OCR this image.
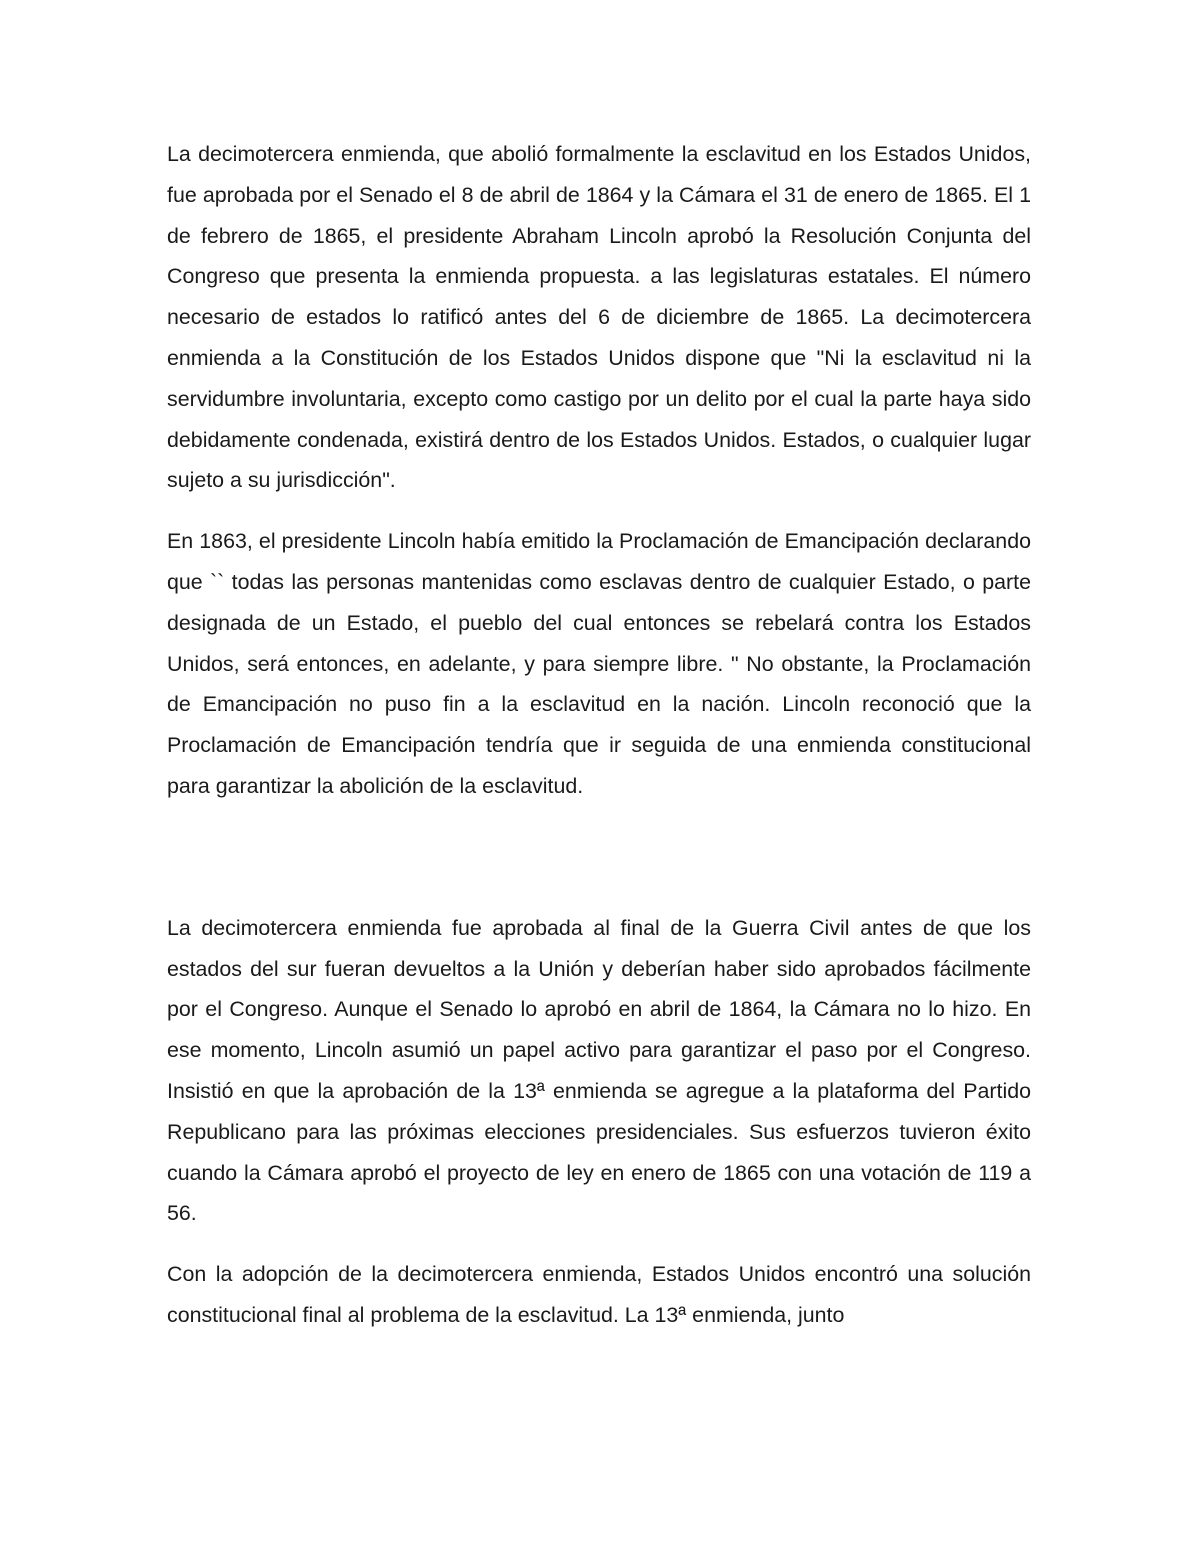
La decimotercera enmienda, que abolió formalmente la esclavitud en los Estados Unidos, fue aprobada por el Senado el 8 de abril de 1864 y la Cámara el 31 de enero de 1865. El 1 de febrero de 1865, el presidente Abraham Lincoln aprobó la Resolución Conjunta del Congreso que presenta la enmienda propuesta. a las legislaturas estatales. El número necesario de estados lo ratificó antes del 6 de diciembre de 1865. La decimotercera enmienda a la Constitución de los Estados Unidos dispone que "Ni la esclavitud ni la servidumbre involuntaria, excepto como castigo por un delito por el cual la parte haya sido debidamente condenada, existirá dentro de los Estados Unidos. Estados, o cualquier lugar sujeto a su jurisdicción".

En 1863, el presidente Lincoln había emitido la Proclamación de Emancipación declarando que `` todas las personas mantenidas como esclavas dentro de cualquier Estado, o parte designada de un Estado, el pueblo del cual entonces se rebelará contra los Estados Unidos, será entonces, en adelante, y para siempre libre. " No obstante, la Proclamación de Emancipación no puso fin a la esclavitud en la nación. Lincoln reconoció que la Proclamación de Emancipación tendría que ir seguida de una enmienda constitucional para garantizar la abolición de la esclavitud.

La decimotercera enmienda fue aprobada al final de la Guerra Civil antes de que los estados del sur fueran devueltos a la Unión y deberían haber sido aprobados fácilmente por el Congreso. Aunque el Senado lo aprobó en abril de 1864, la Cámara no lo hizo. En ese momento, Lincoln asumió un papel activo para garantizar el paso por el Congreso. Insistió en que la aprobación de la 13ª enmienda se agregue a la plataforma del Partido Republicano para las próximas elecciones presidenciales. Sus esfuerzos tuvieron éxito cuando la Cámara aprobó el proyecto de ley en enero de 1865 con una votación de 119 a 56.

Con la adopción de la decimotercera enmienda, Estados Unidos encontró una solución constitucional final al problema de la esclavitud. La 13ª enmienda, junto
